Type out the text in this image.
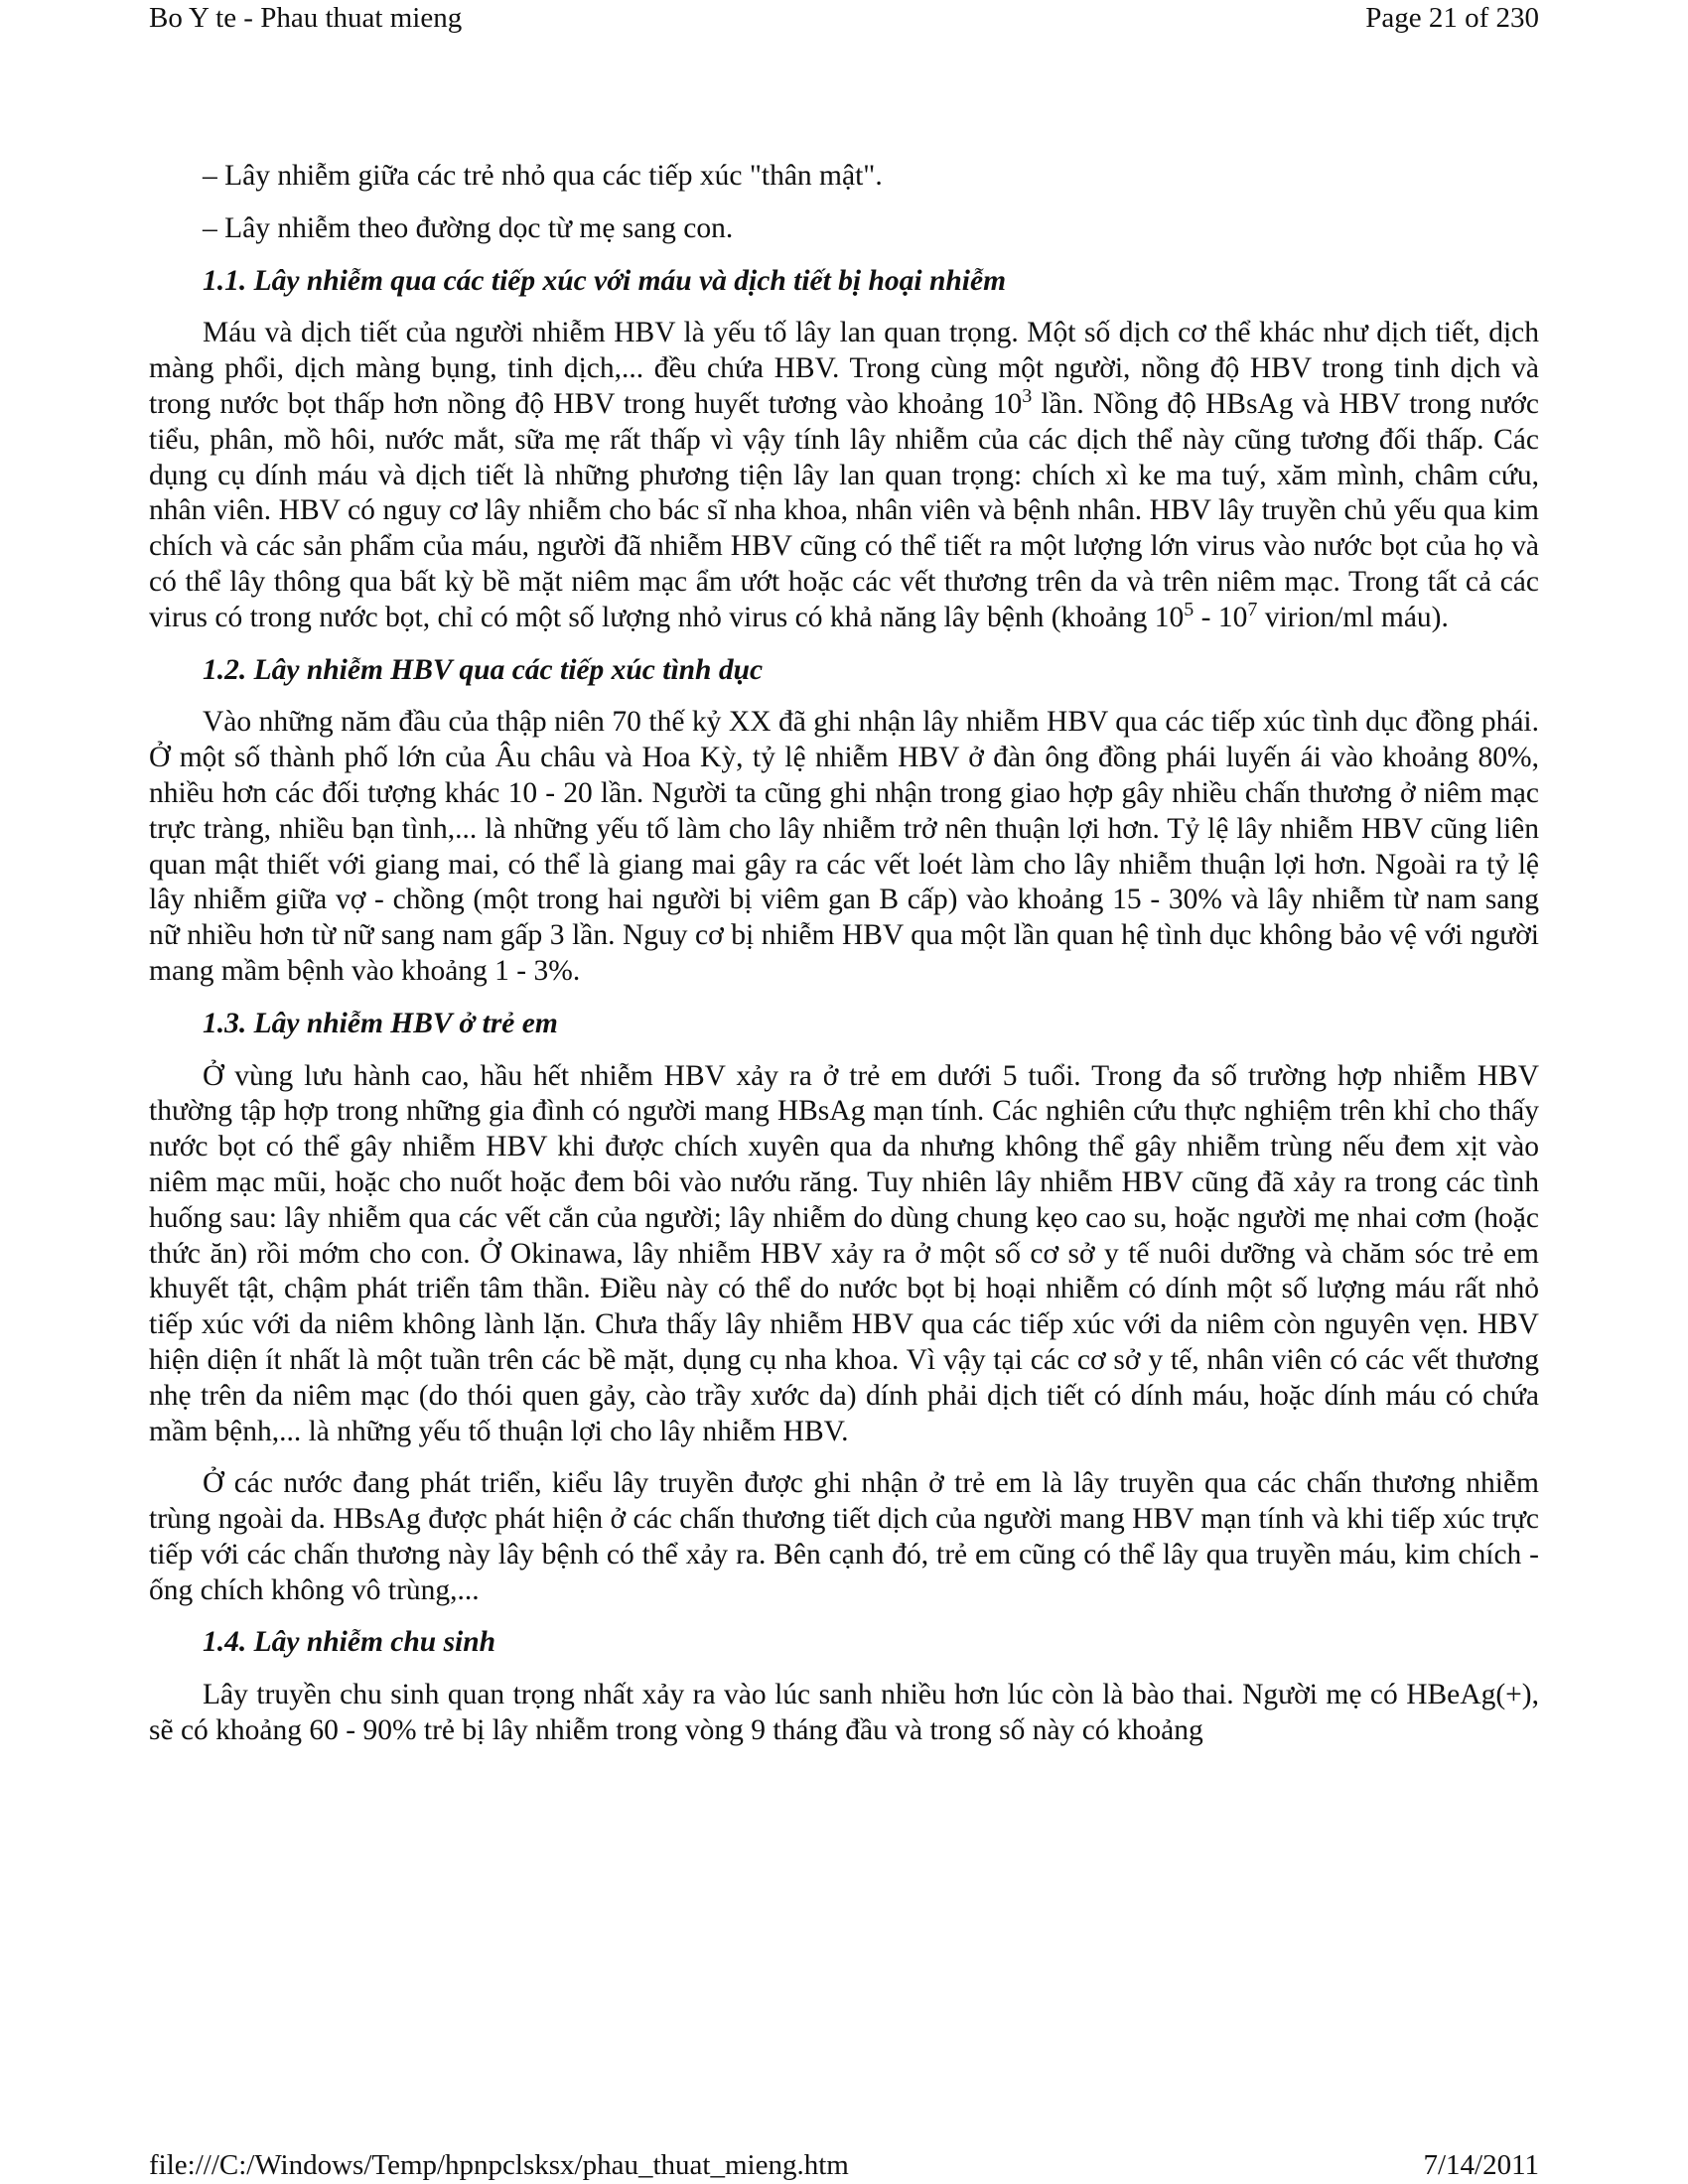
Bo Y te - Phau thuat mieng	Page 21 of 230

– Lây nhiễm giữa các trẻ nhỏ qua các tiếp xúc "thân mật".

– Lây nhiễm theo đường dọc từ mẹ sang con.

1.1. Lây nhiễm qua các tiếp xúc với máu và dịch tiết bị hoại nhiễm

Máu và dịch tiết của người nhiễm HBV là yếu tố lây lan quan trọng. Một số dịch cơ thể khác như dịch tiết, dịch màng phổi, dịch màng bụng, tinh dịch,... đều chứa HBV. Trong cùng một người, nồng độ HBV trong tinh dịch và trong nước bọt thấp hơn nồng độ HBV trong huyết tương vào khoảng $10^3$ lần. Nồng độ HBsAg và HBV trong nước tiểu, phân, mồ hôi, nước mắt, sữa mẹ rất thấp vì vậy tính lây nhiễm của các dịch thể này cũng tương đối thấp. Các dụng cụ dính máu và dịch tiết là những phương tiện lây lan quan trọng: chích xì ke ma tuý, xăm mình, châm cứu, nhân viên. HBV có nguy cơ lây nhiễm cho bác sĩ nha khoa, nhân viên và bệnh nhân. HBV lây truyền chủ yếu qua kim chích và các sản phẩm của máu, người đã nhiễm HBV cũng có thể tiết ra một lượng lớn virus vào nước bọt của họ và có thể lây thông qua bất kỳ bề mặt niêm mạc ẩm ướt hoặc các vết thương trên da và trên niêm mạc. Trong tất cả các virus có trong nước bọt, chỉ có một số lượng nhỏ virus có khả năng lây bệnh (khoảng $10^5 - 10^7$ virion/ml máu).

1.2. Lây nhiễm HBV qua các tiếp xúc tình dục

Vào những năm đầu của thập niên 70 thế kỷ XX đã ghi nhận lây nhiễm HBV qua các tiếp xúc tình dục đồng phái. Ở một số thành phố lớn của Âu châu và Hoa Kỳ, tỷ lệ nhiễm HBV ở đàn ông đồng phái luyến ái vào khoảng 80%, nhiều hơn các đối tượng khác 10 - 20 lần. Người ta cũng ghi nhận trong giao hợp gây nhiều chấn thương ở niêm mạc trực tràng, nhiều bạn tình,... là những yếu tố làm cho lây nhiễm trở nên thuận lợi hơn. Tỷ lệ lây nhiễm HBV cũng liên quan mật thiết với giang mai, có thể là giang mai gây ra các vết loét làm cho lây nhiễm thuận lợi hơn. Ngoài ra tỷ lệ lây nhiễm giữa vợ - chồng (một trong hai người bị viêm gan B cấp) vào khoảng 15 - 30% và lây nhiễm từ nam sang nữ nhiều hơn từ nữ sang nam gấp 3 lần. Nguy cơ bị nhiễm HBV qua một lần quan hệ tình dục không bảo vệ với người mang mầm bệnh vào khoảng 1 - 3%.

1.3. Lây nhiễm HBV ở trẻ em

Ở vùng lưu hành cao, hầu hết nhiễm HBV xảy ra ở trẻ em dưới 5 tuổi. Trong đa số trường hợp nhiễm HBV thường tập hợp trong những gia đình có người mang HBsAg mạn tính. Các nghiên cứu thực nghiệm trên khỉ cho thấy nước bọt có thể gây nhiễm HBV khi được chích xuyên qua da nhưng không thể gây nhiễm trùng nếu đem xịt vào niêm mạc mũi, hoặc cho nuốt hoặc đem bôi vào nướu răng. Tuy nhiên lây nhiễm HBV cũng đã xảy ra trong các tình huống sau: lây nhiễm qua các vết cắn của người; lây nhiễm do dùng chung kẹo cao su, hoặc người mẹ nhai cơm (hoặc thức ăn) rồi mớm cho con. Ở Okinawa, lây nhiễm HBV xảy ra ở một số cơ sở y tế nuôi dưỡng và chăm sóc trẻ em khuyết tật, chậm phát triển tâm thần. Điều này có thể do nước bọt bị hoại nhiễm có dính một số lượng máu rất nhỏ tiếp xúc với da niêm không lành lặn. Chưa thấy lây nhiễm HBV qua các tiếp xúc với da niêm còn nguyên vẹn. HBV hiện diện ít nhất là một tuần trên các bề mặt, dụng cụ nha khoa. Vì vậy tại các cơ sở y tế, nhân viên có các vết thương nhẹ trên da niêm mạc (do thói quen gảy, cào trầy xước da) dính phải dịch tiết có dính máu, hoặc dính máu có chứa mầm bệnh,... là những yếu tố thuận lợi cho lây nhiễm HBV.

Ở các nước đang phát triển, kiểu lây truyền được ghi nhận ở trẻ em là lây truyền qua các chấn thương nhiễm trùng ngoài da. HBsAg được phát hiện ở các chấn thương tiết dịch của người mang HBV mạn tính và khi tiếp xúc trực tiếp với các chấn thương này lây bệnh có thể xảy ra. Bên cạnh đó, trẻ em cũng có thể lây qua truyền máu, kim chích - ống chích không vô trùng,...

1.4. Lây nhiễm chu sinh

Lây truyền chu sinh quan trọng nhất xảy ra vào lúc sanh nhiều hơn lúc còn là bào thai. Người mẹ có HBeAg(+), sẽ có khoảng 60 - 90% trẻ bị lây nhiễm trong vòng 9 tháng đầu và trong số này có khoảng

file:///C:/Windows/Temp/hpnpclsksx/phau_thuat_mieng.htm	7/14/2011
